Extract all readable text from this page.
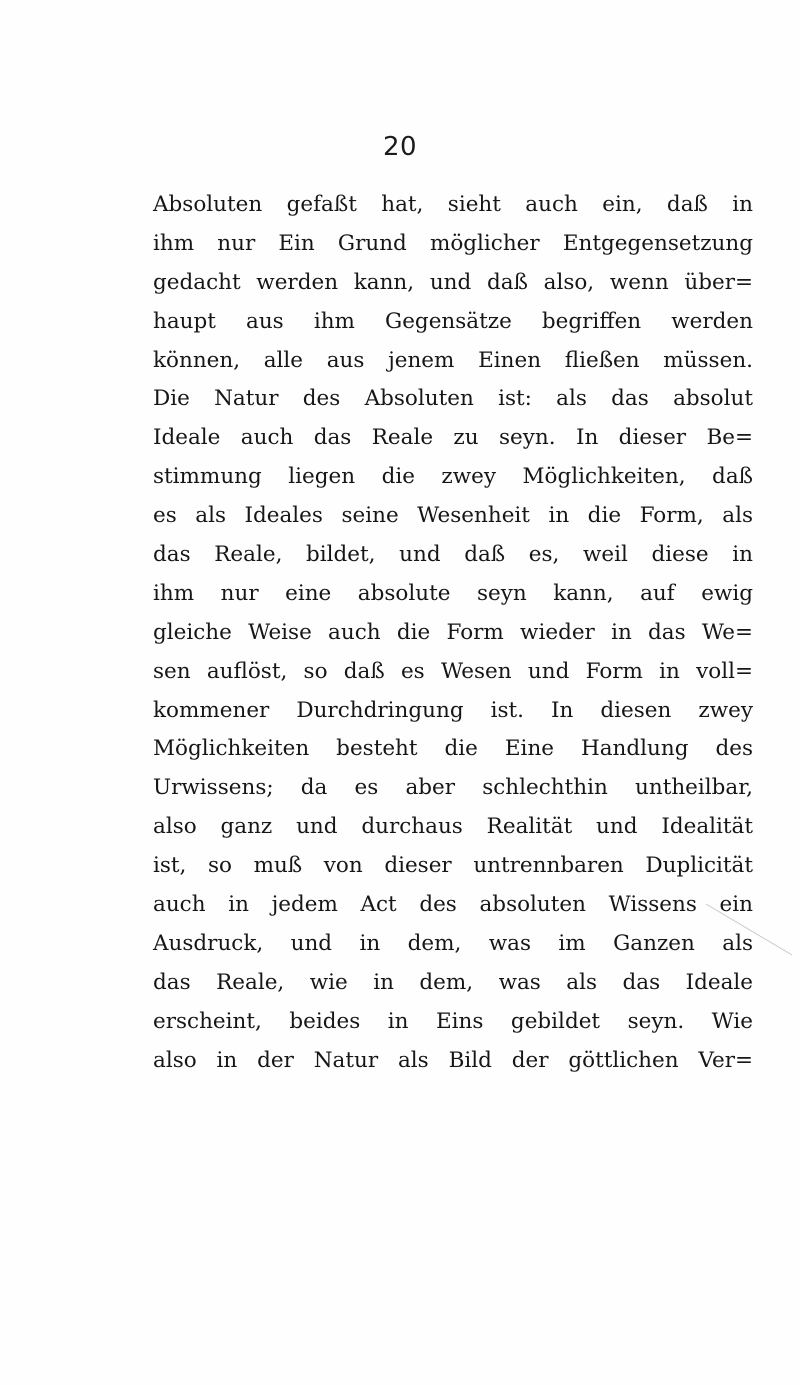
20
Absoluten gefaßt hat, sieht auch ein, daß in
ihm nur Ein Grund möglicher Entgegensetzung
gedacht werden kann, und daß also, wenn über=
haupt aus ihm Gegensätze begriffen werden
können, alle aus jenem Einen fließen müssen.
Die Natur des Absoluten ist: als das absolut
Ideale auch das Reale zu seyn. In dieser Be=
stimmung liegen die zwey Möglichkeiten, daß
es als Ideales seine Wesenheit in die Form, als
das Reale, bildet, und daß es, weil diese in
ihm nur eine absolute seyn kann, auf ewig
gleiche Weise auch die Form wieder in das We=
sen auflöst, so daß es Wesen und Form in voll=
kommener Durchdringung ist. In diesen zwey
Möglichkeiten besteht die Eine Handlung des
Urwissens; da es aber schlechthin untheilbar,
also ganz und durchaus Realität und Idealität
ist, so muß von dieser untrennbaren Duplicität
auch in jedem Act des absoluten Wissens ein
Ausdruck, und in dem, was im Ganzen als
das Reale, wie in dem, was als das Ideale
erscheint, beides in Eins gebildet seyn. Wie
also in der Natur als Bild der göttlichen Ver=
